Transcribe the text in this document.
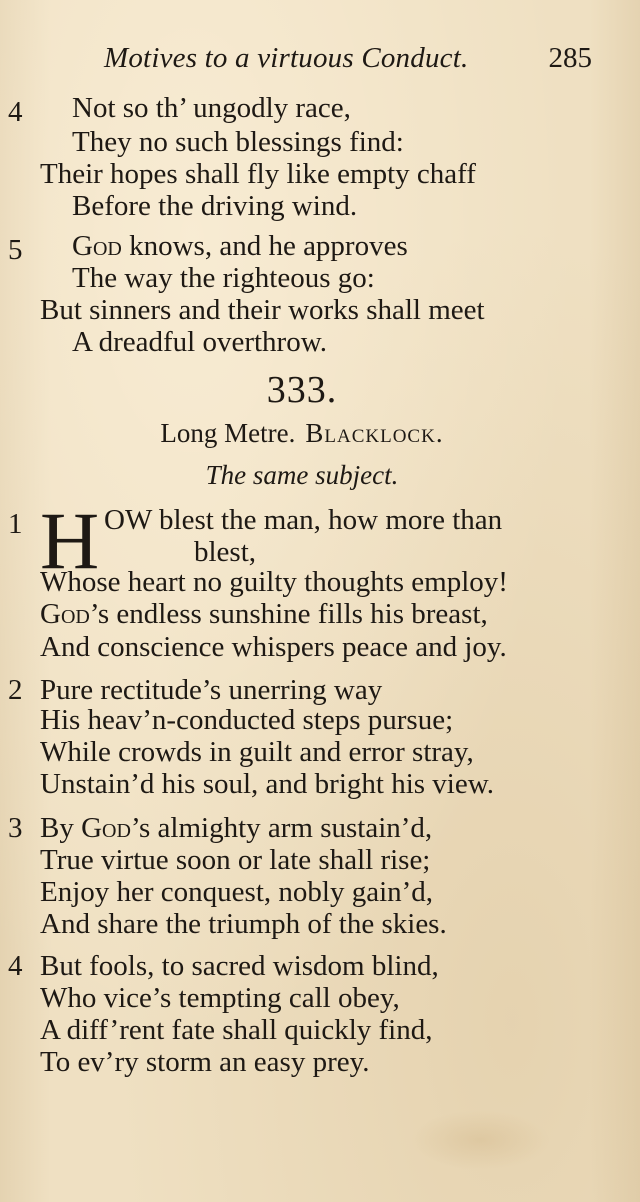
Motives to a virtuous Conduct.	285
4 Not so th’ ungodly race,
They no such blessings find:
Their hopes shall fly like empty chaff
Before the driving wind.
5 God knows, and he approves
The way the righteous go:
But sinners and their works shall meet
A dreadful overthrow.
333.
Long Metre. Blacklock.
The same subject.
1 H OW blest the man, how more than
blest,
Whose heart no guilty thoughts employ!
God’s endless sunshine fills his breast,
And conscience whispers peace and joy.
2 Pure rectitude’s unerring way
His heav’n-conducted steps pursue;
While crowds in guilt and error stray,
Unstain’d his soul, and bright his view.
3 By God’s almighty arm sustain’d,
True virtue soon or late shall rise;
Enjoy her conquest, nobly gain’d,
And share the triumph of the skies.
4 But fools, to sacred wisdom blind,
Who vice’s tempting call obey,
A diff’rent fate shall quickly find,
To ev’ry storm an easy prey.
